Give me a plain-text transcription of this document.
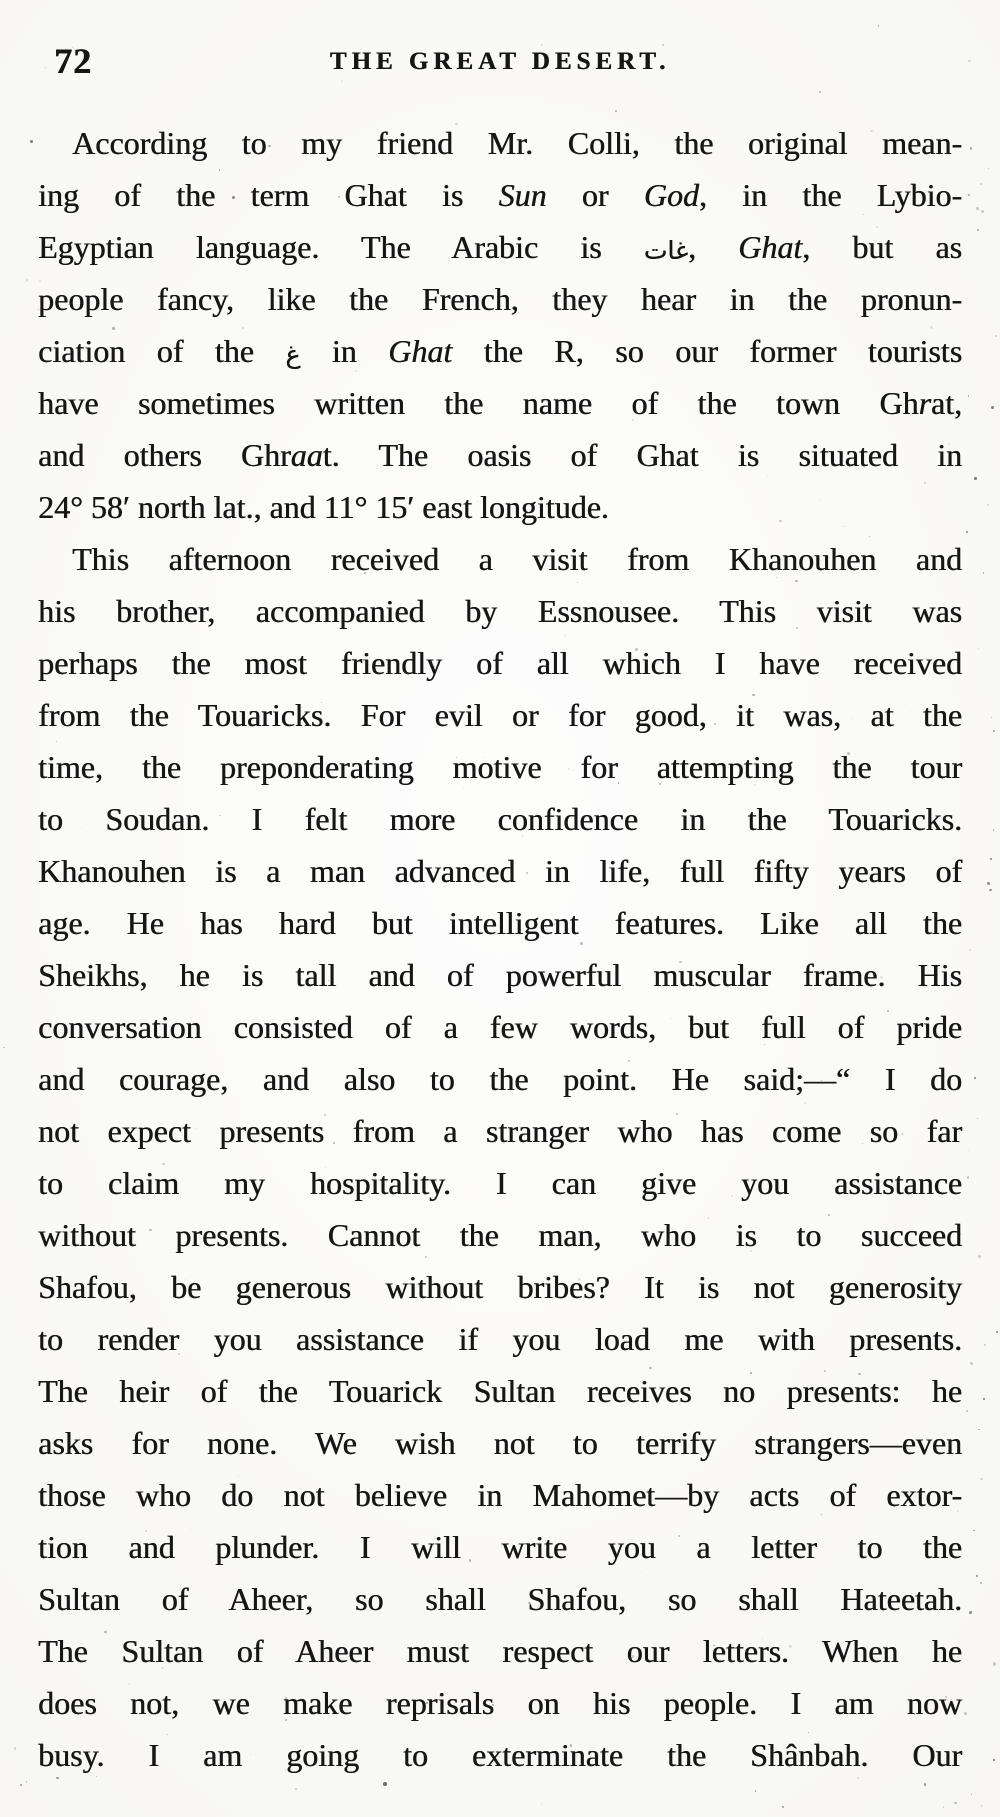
72	THE GREAT DESERT.
According to my friend Mr. Colli, the original mean-
ing of the term Ghat is Sun or God, in the Lybio-
Egyptian language. The Arabic is غات, Ghat, but as
people fancy, like the French, they hear in the pronun-
ciation of the غ in Ghat the R, so our former tourists
have sometimes written the name of the town Ghrat,
and others Ghraat. The oasis of Ghat is situated in
24° 58′ north lat., and 11° 15′ east longitude.
This afternoon received a visit from Khanouhen and
his brother, accompanied by Essnousee. This visit was
perhaps the most friendly of all which I have received
from the Touaricks. For evil or for good, it was, at the
time, the preponderating motive for attempting the tour
to Soudan. I felt more confidence in the Touaricks.
Khanouhen is a man advanced in life, full fifty years of
age. He has hard but intelligent features. Like all the
Sheikhs, he is tall and of powerful muscular frame. His
conversation consisted of a few words, but full of pride
and courage, and also to the point. He said;—“ I do
not expect presents from a stranger who has come so far
to claim my hospitality. I can give you assistance
without presents. Cannot the man, who is to succeed
Shafou, be generous without bribes? It is not generosity
to render you assistance if you load me with presents.
The heir of the Touarick Sultan receives no presents: he
asks for none. We wish not to terrify strangers—even
those who do not believe in Mahomet—by acts of extor-
tion and plunder. I will write you a letter to the
Sultan of Aheer, so shall Shafou, so shall Hateetah.
The Sultan of Aheer must respect our letters. When he
does not, we make reprisals on his people. I am now
busy. I am going to exterminate the Shânbah. Our
